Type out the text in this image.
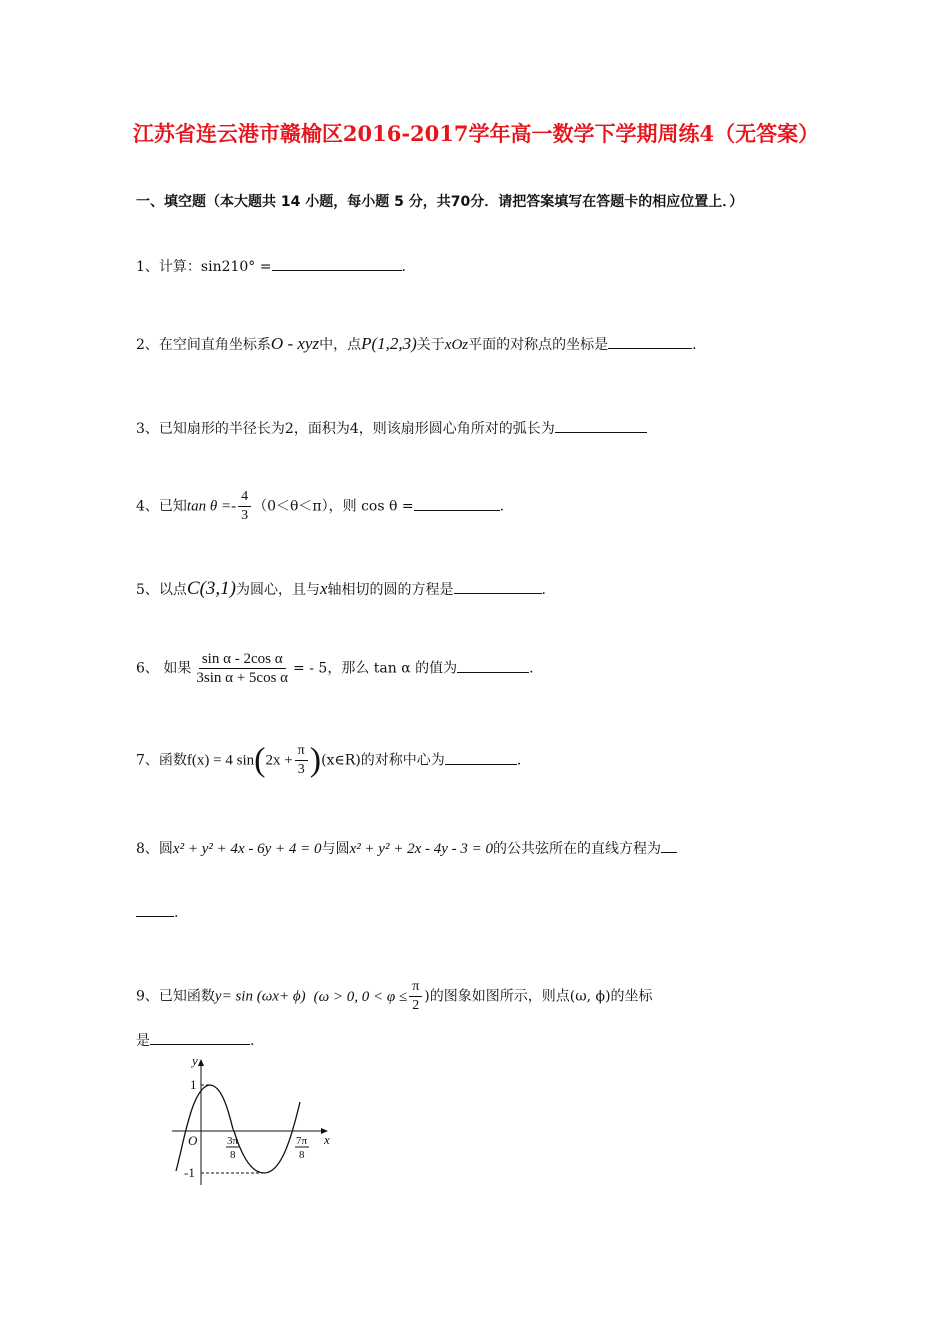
江苏省连云港市赣榆区2016-2017学年高一数学下学期周练4（无答案）
一、填空题（本大题共 14 小题，每小题 5 分，共70分．请把答案填写在答题卡的相应位置上．）
1、计算：sin210° =	.
2、在空间直角坐标系O - xyz中，点P(1,2,3)关于xOz平面的对称点的坐标是	.
3、已知扇形的半径长为2，面积为4，则该扇形圆心角所对的弧长为
4、已知$\tan \theta =- \frac{4}{3} (0<\theta<\pi)$，则 cos θ =	.
5、以点C(3,1)为圆心，且与x轴相切的圆的方程是	.
6、 如果 $\frac{\text{sin α - 2cos α}}{\text{3sin α + 5cos α}}$ = - 5，那么 tan α 的值为	.
7、函数f(x) = 4 $\sin(2x + \frac{\pi}{3}$ )(x∈R)的对称中心为	.
8、圆x² + y² + 4x - 6y + 4 = 0与圆x² + y² + 2x - 4y - 3 = 0的公共弦所在的直线方程为
.
9、已知函数y= sin (ωx+ ϕ) (ω > 0, $0 < \varphi \le \frac{\pi}{2}$ )的图象如图所示，则点(ω, ϕ)的坐标
是	.
y
x
O
1
-1
3π
8
7π
8
